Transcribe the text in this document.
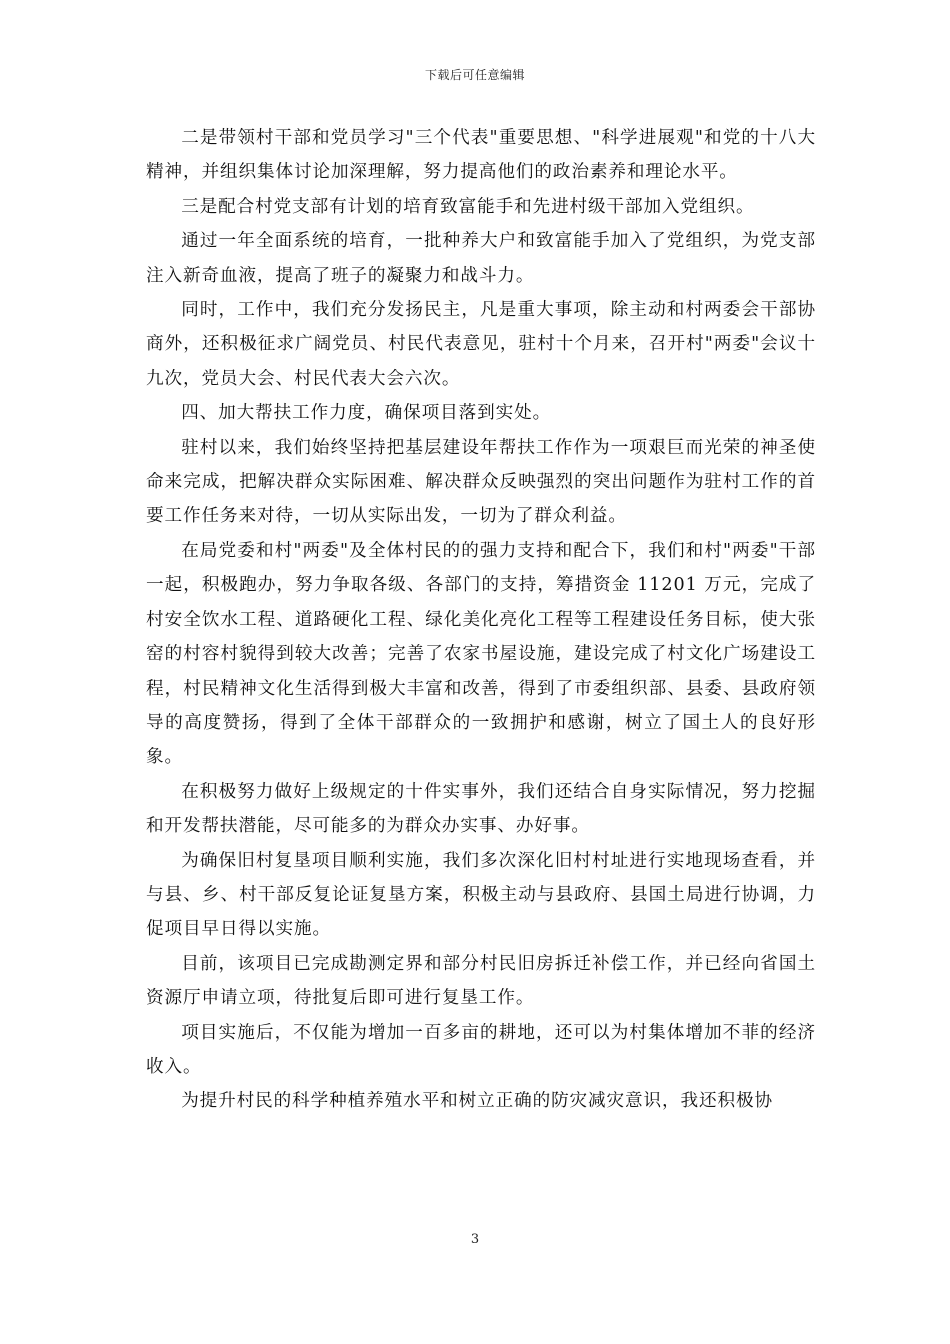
下载后可任意编辑

二是带领村干部和党员学习"三个代表"重要思想、"科学进展观"和党的十八大精神，并组织集体讨论加深理解，努力提高他们的政治素养和理论水平。

三是配合村党支部有计划的培育致富能手和先进村级干部加入党组织。

通过一年全面系统的培育，一批种养大户和致富能手加入了党组织，为党支部注入新奇血液，提高了班子的凝聚力和战斗力。

同时，工作中，我们充分发扬民主，凡是重大事项，除主动和村两委会干部协商外，还积极征求广阔党员、村民代表意见，驻村十个月来，召开村"两委"会议十九次，党员大会、村民代表大会六次。

四、加大帮扶工作力度，确保项目落到实处。

驻村以来，我们始终坚持把基层建设年帮扶工作作为一项艰巨而光荣的神圣使命来完成，把解决群众实际困难、解决群众反映强烈的突出问题作为驻村工作的首要工作任务来对待，一切从实际出发，一切为了群众利益。

在局党委和村"两委"及全体村民的的强力支持和配合下，我们和村"两委"干部一起，积极跑办，努力争取各级、各部门的支持，筹措资金 11201 万元，完成了村安全饮水工程、道路硬化工程、绿化美化亮化工程等工程建设任务目标，使大张窑的村容村貌得到较大改善；完善了农家书屋设施，建设完成了村文化广场建设工程，村民精神文化生活得到极大丰富和改善，得到了市委组织部、县委、县政府领导的高度赞扬，得到了全体干部群众的一致拥护和感谢，树立了国土人的良好形象。

在积极努力做好上级规定的十件实事外，我们还结合自身实际情况，努力挖掘和开发帮扶潜能，尽可能多的为群众办实事、办好事。

为确保旧村复垦项目顺利实施，我们多次深化旧村村址进行实地现场查看，并与县、乡、村干部反复论证复垦方案，积极主动与县政府、县国土局进行协调，力促项目早日得以实施。

目前，该项目已完成勘测定界和部分村民旧房拆迁补偿工作，并已经向省国土资源厅申请立项，待批复后即可进行复垦工作。

项目实施后，不仅能为增加一百多亩的耕地，还可以为村集体增加不菲的经济收入。

为提升村民的科学种植养殖水平和树立正确的防灾减灾意识，我还积极协

3
